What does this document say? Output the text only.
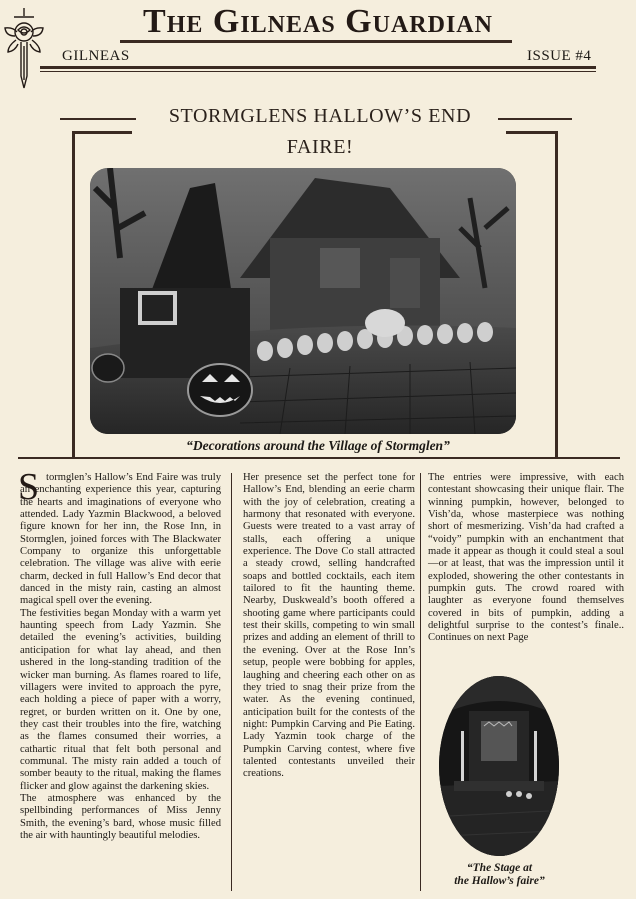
The Gilneas Guardian
GILNEAS	ISSUE #4
STORMGLENS HALLOW’S END FAIRE!
“Decorations around the Village of Stormglen”
S tormglen’s Hallow’s End Faire was truly an enchanting experience this year, capturing the hearts and imaginations of everyone who attended. Lady Yazmin Blackwood, a beloved figure known for her inn, the Rose Inn, in Stormglen, joined forces with The Blackwater Company to organize this unforgettable celebration. The village was alive with eerie charm, decked in full Hallow’s End decor that danced in the misty rain, casting an almost magical spell over the evening.

The festivities began Monday with a warm yet haunting speech from Lady Yazmin. She detailed the evening’s activities, building anticipation for what lay ahead, and then ushered in the long-standing tradition of the wicker man burning. As flames roared to life, villagers were invited to approach the pyre, each holding a piece of paper with a worry, regret, or burden written on it. One by one, they cast their troubles into the fire, watching as the flames consumed their worries, a cathartic ritual that felt both personal and communal. The misty rain added a touch of somber beauty to the ritual, making the flames flicker and glow against the darkening skies.

The atmosphere was enhanced by the spellbinding performances of Miss Jenny Smith, the evening’s bard, whose music filled the air with hauntingly beautiful melodies.

Her presence set the perfect tone for Hallow’s End, blending an eerie charm with the joy of celebration, creating a harmony that resonated with everyone. Guests were treated to a vast array of stalls, each offering a unique experience. The Dove Co stall attracted a steady crowd, selling handcrafted soaps and bottled cocktails, each item tailored to fit the haunting theme. Nearby, Duskweald’s booth offered a shooting game where participants could test their skills, competing to win small prizes and adding an element of thrill to the evening. Over at the Rose Inn’s setup, people were bobbing for apples, laughing and cheering each other on as they tried to snag their prize from the water. As the evening continued, anticipation built for the contests of the night: Pumpkin Carving and Pie Eating. Lady Yazmin took charge of the Pumpkin Carving contest, where five talented contestants unveiled their creations.

The entries were impressive, with each contestant showcasing their unique flair. The winning pumpkin, however, belonged to Vish’da, whose masterpiece was nothing short of mesmerizing. Vish’da had crafted a “voidy” pumpkin with an enchantment that made it appear as though it could steal a soul—or at least, that was the impression until it exploded, showering the other contestants in pumpkin guts. The crowd roared with laughter as everyone found themselves covered in bits of pumpkin, adding a delightful surprise to the contest’s finale.. Continues on next Page

“The Stage at
the Hallow’s faire”
